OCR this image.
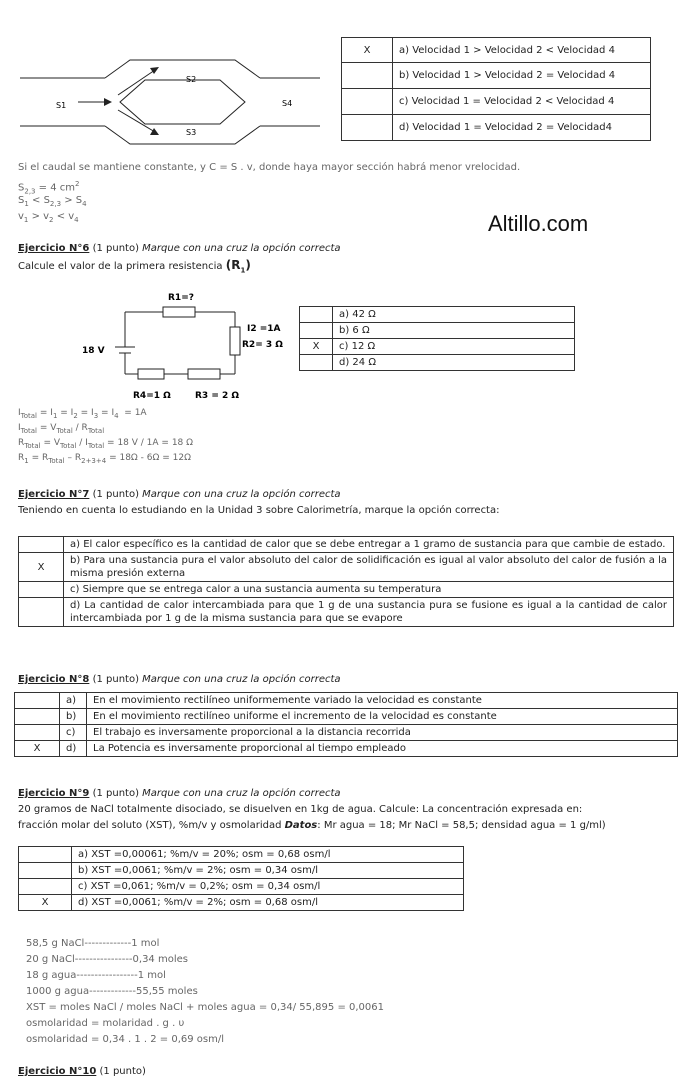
S1
S2
S3
S4
X	a) Velocidad 1 > Velocidad 2 < Velocidad 4
	b) Velocidad 1 > Velocidad 2 = Velocidad 4
	c) Velocidad 1 = Velocidad 2 < Velocidad 4
	d) Velocidad 1 = Velocidad 2 = Velocidad4
Si el caudal se mantiene constante, y C = S . v, donde haya mayor sección habrá menor vrelocidad.
$S_{2,3} = 4$ $cm^2$
$S_1 < S_{2,3} > S_4$
$v_1 > v_2 < v_4$	Altillo.com
Ejercicio N°6 (1 punto) Marque con una cruz la opción correcta
Calcule el valor de la primera resistencia $(R_1)$
R1=?
I2 =1A
R2= 3 Ω
18 V
R4=1 Ω	R3 = 2 Ω
	a) 42 Ω
	b) 6 Ω
X	c) 12 Ω
	d) 24 Ω
$I_{Total} = I_1 = I_2 = I_3 = I_4 = 1A$
$I_{Total} = V_{Total} / R_{Total}$
$R_{Total} = V_{Total} / I_{Total} = 18$ V / 1A = 18 Ω
$R_1 = R_{Total} - R_{2+3+4} = 18\Omega - 6\Omega = 12\Omega$
Ejercicio N°7 (1 punto) Marque con una cruz la opción correcta
Teniendo en cuenta lo estudiando en la Unidad 3 sobre Calorimetría, marque la opción correcta:
	a) El calor específico es la cantidad de calor que se debe entregar a 1 gramo de sustancia para que cambie de estado.
X	b) Para una sustancia pura el valor absoluto del calor de solidificación es igual al valor absoluto del calor de fusión a la misma presión externa
	c) Siempre que se entrega calor a una sustancia aumenta su temperatura
	d) La cantidad de calor intercambiada para que 1 g de una sustancia pura se fusione es igual a la cantidad de calor intercambiada por 1 g de la misma sustancia para que se evapore
Ejercicio N°8 (1 punto) Marque con una cruz la opción correcta
	a)	En el movimiento rectilíneo uniformemente variado la velocidad es constante
	b)	En el movimiento rectilíneo uniforme el incremento de la velocidad es constante
	c)	El trabajo es inversamente proporcional a la distancia recorrida
X	d)	La Potencia es inversamente proporcional al tiempo empleado
Ejercicio N°9 (1 punto) Marque con una cruz la opción correcta
20 gramos de NaCl totalmente disociado, se disuelven en 1kg de agua. Calcule: La concentración expresada en:
fracción molar del soluto (XST), %m/v y osmolaridad Datos: Mr agua = 18; Mr NaCl = 58,5; densidad agua = 1 g/ml)
	a) XST =0,00061; %m/v = 20%; osm = 0,68 osm/l
	b) XST =0,0061; %m/v = 2%; osm = 0,34 osm/l
	c) XST =0,061; %m/v = 0,2%; osm = 0,34 osm/l
X	d) XST =0,0061; %m/v = 2%; osm = 0,68 osm/l
58,5 g NaCl-------------1 mol
20 g NaCl----------------0,34 moles
18 g agua-----------------1 mol
1000 g agua-------------55,55 moles
XST = moles NaCl / moles NaCl + moles agua = 0,34/ 55,895 = 0,0061
osmolaridad = molaridad . g . υ
osmolaridad = 0,34 . 1 . 2 = 0,69 osm/l
Ejercicio N°10 (1 punto)
